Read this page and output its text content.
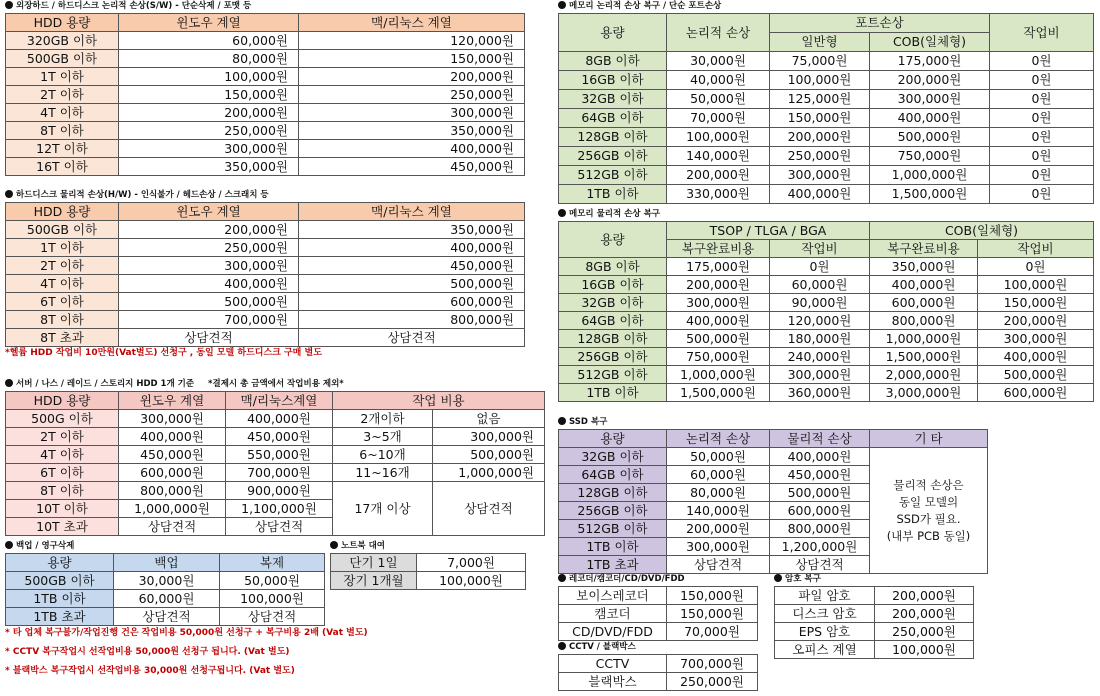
외장하드 / 하드디스크 논리적 손상(S/W) - 단순삭제 / 포맷 등
HDD 용량	윈도우 계열	맥/리눅스 계열
320GB 이하	60,000원	120,000원
500GB 이하	80,000원	150,000원
1T 이하	100,000원	200,000원
2T 이하	150,000원	250,000원
4T 이하	200,000원	300,000원
8T 이하	250,000원	350,000원
12T 이하	300,000원	400,000원
16T 이하	350,000원	450,000원
하드디스크 물리적 손상(H/W) - 인식불가 / 헤드손상 / 스크래치 등
HDD 용량	윈도우 계열	맥/리눅스 계열
500GB 이하	200,000원	350,000원
1T 이하	250,000원	400,000원
2T 이하	300,000원	450,000원
4T 이하	400,000원	500,000원
6T 이하	500,000원	600,000원
8T 이하	700,000원	800,000원
8T 초과	상담견적	상담견적
*헬륨 HDD 작업비 10만원(Vat별도) 선청구 , 동일 모델 하드디스크 구매 별도
서버 / 나스 / 레이드 / 스토리지 HDD 1개 기준 *결제시 총 금액에서 작업비용 제외*
HDD 용량	윈도우 계열	맥/리눅스계열	작업 비용	
500G 이하	300,000원	400,000원	2개이하	없음
2T 이하	400,000원	450,000원	3~5개	300,000원
4T 이하	450,000원	550,000원	6~10개	500,000원
6T 이하	600,000원	700,000원	11~16개	1,000,000원
8T 이하	800,000원	900,000원	17개 이상	상담견적
10T 이하	1,000,000원	1,100,000원		
10T 초과	상담견적	상담견적		
백업 / 영구삭제
용량	백업	복제
500GB 이하	30,000원	50,000원
1TB 이하	60,000원	100,000원
1TB 초과	상담견적	상담견적
노트북 대여
단기 1일	7,000원
장기 1개월	100,000원
* 타 업체 복구불가/작업진행 건은 작업비용 50,000원 선청구 + 복구비용 2배 (Vat 별도)
* CCTV 복구작업시 선작업비용 50,000원 선청구 됩니다. (Vat 별도)
* 블랙박스 복구작업시 선작업비용 30,000원 선청구됩니다. (Vat 별도)
메모리 논리적 손상 복구 / 단순 포트손상
용량	논리적 손상	포트손상		작업비
		일반형	COB(일체형)	
8GB 이하	30,000원	75,000원	175,000원	0원
16GB 이하	40,000원	100,000원	200,000원	0원
32GB 이하	50,000원	125,000원	300,000원	0원
64GB 이하	70,000원	150,000원	400,000원	0원
128GB 이하	100,000원	200,000원	500,000원	0원
256GB 이하	140,000원	250,000원	750,000원	0원
512GB 이하	200,000원	300,000원	1,000,000원	0원
1TB 이하	330,000원	400,000원	1,500,000원	0원
메모리 물리적 손상 복구
용량	TSOP / TLGA / BGA		COB(일체형)	
	복구완료비용	작업비	복구완료비용	작업비
8GB 이하	175,000원	0원	350,000원	0원
16GB 이하	200,000원	60,000원	400,000원	100,000원
32GB 이하	300,000원	90,000원	600,000원	150,000원
64GB 이하	400,000원	120,000원	800,000원	200,000원
128GB 이하	500,000원	180,000원	1,000,000원	300,000원
256GB 이하	750,000원	240,000원	1,500,000원	400,000원
512GB 이하	1,000,000원	300,000원	2,000,000원	500,000원
1TB 이하	1,500,000원	360,000원	3,000,000원	600,000원
SSD 복구
용량	논리적 손상	물리적 손상	기 타
32GB 이하	50,000원	400,000원	물리적 손상은
동일 모델의
SSD가 필요.
(내부 PCB 동일)

64GB 이하	60,000원	450,000원	
128GB 이하	80,000원	500,000원	
256GB 이하	140,000원	600,000원	
512GB 이하	200,000원	800,000원	
1TB 이하	300,000원	1,200,000원	
1TB 초과	상담견적	상담견적	
레코더/캠코더/CD/DVD/FDD
보이스레코더	150,000원
캠코더	150,000원
CD/DVD/FDD	70,000원
암호 복구
파일 암호	200,000원
디스크 암호	200,000원
EPS 암호	250,000원
오피스 계열	100,000원
CCTV / 블랙박스
CCTV	700,000원
블랙박스	250,000원
